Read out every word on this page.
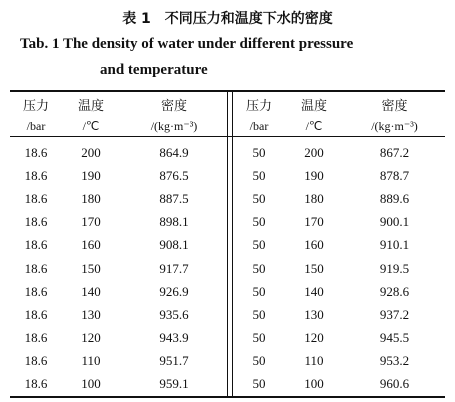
表 1　不同压力和温度下水的密度
Tab. 1 The density of water under different pressure
and temperature
压力	温度	密度		压力	温度	密度
/bar	/℃	/(kg·m⁻³)		/bar	/℃	/(kg·m⁻³)
18.6	200	864.9		50	200	867.2
18.6	190	876.5		50	190	878.7
18.6	180	887.5		50	180	889.6
18.6	170	898.1		50	170	900.1
18.6	160	908.1		50	160	910.1
18.6	150	917.7		50	150	919.5
18.6	140	926.9		50	140	928.6
18.6	130	935.6		50	130	937.2
18.6	120	943.9		50	120	945.5
18.6	110	951.7		50	110	953.2
18.6	100	959.1		50	100	960.6
